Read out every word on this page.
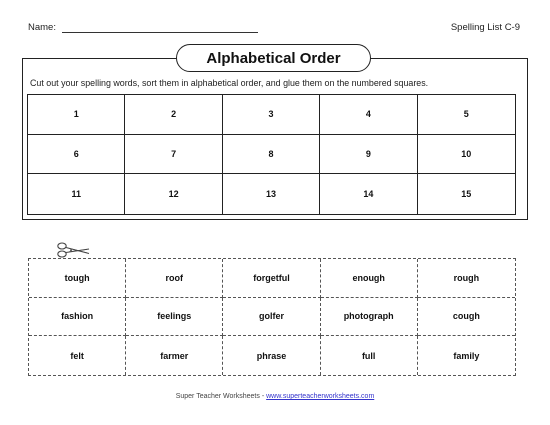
Name:	Spelling List C-9
Alphabetical Order
Cut out your spelling words, sort them in alphabetical order, and glue them on the numbered squares.
1	2	3	4	5
6	7	8	9	10
11	12	13	14	15
tough	roof	forgetful	enough	rough
fashion	feelings	golfer	photograph	cough
felt	farmer	phrase	full	family
Super Teacher Worksheets - www.superteacherworksheets.com
